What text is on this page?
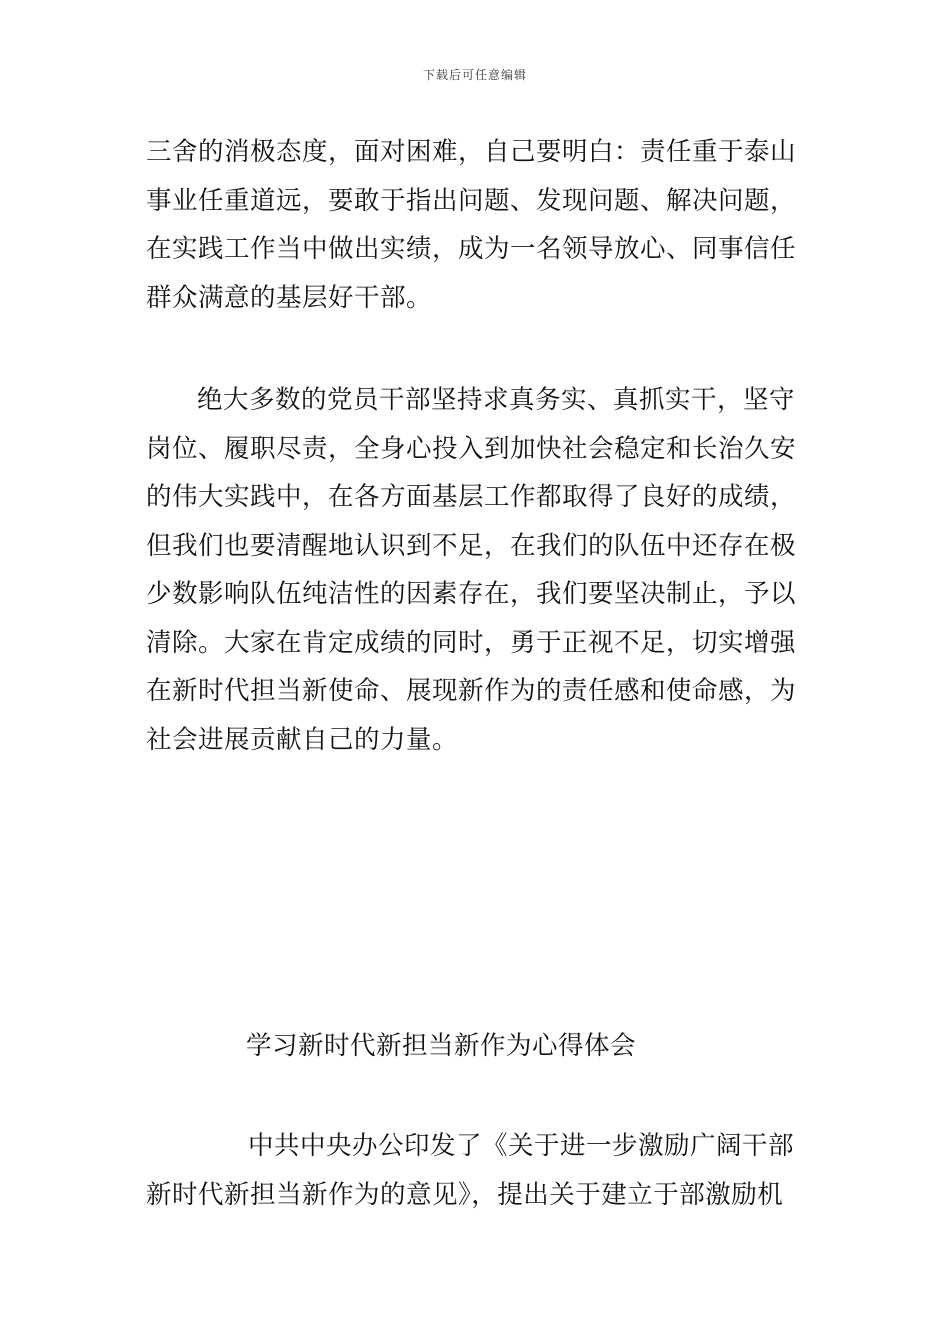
下载后可任意编辑
三舍的消极态度，面对困难，自己要明白：责任重于泰山
事业任重道远，要敢于指出问题、发现问题、解决问题，
在实践工作当中做出实绩，成为一名领导放心、同事信任
群众满意的基层好干部。
绝大多数的党员干部坚持求真务实、真抓实干，坚守
岗位、履职尽责，全身心投入到加快社会稳定和长治久安
的伟大实践中，在各方面基层工作都取得了良好的成绩，
但我们也要清醒地认识到不足，在我们的队伍中还存在极
少数影响队伍纯洁性的因素存在，我们要坚决制止，予以
清除。大家在肯定成绩的同时，勇于正视不足，切实增强
在新时代担当新使命、展现新作为的责任感和使命感，为
社会进展贡献自己的力量。
学习新时代新担当新作为心得体会
中共中央办公印发了《关于进一步激励广阔干部
新时代新担当新作为的意见》，提出关于建立于部激励机
